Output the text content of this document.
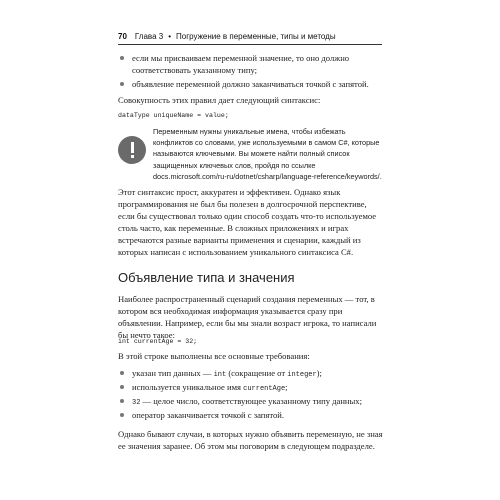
70 Глава 3 • Погружение в переменные, типы и методы
если мы присваиваем переменной значение, то оно должно соответствовать указанному типу;
объявление переменной должно заканчиваться точкой с запятой.

Совокупность этих правил дает следующий синтаксис:

dataType uniqueName = value;
Переменным нужны уникальные имена, чтобы избежать конфликтов со словами, уже используемыми в самом C#, которые называются ключевыми. Вы можете найти полный список защищенных ключевых слов, пройдя по ссылке docs.microsoft.com/ru-ru/dotnet/csharp/language-reference/keywords/.

Этот синтаксис прост, аккуратен и эффективен. Однако язык программирования не был бы полезен в долгосрочной перспективе, если бы существовал только один способ создать что-то используемое столь часто, как переменные. В сложных приложениях и играх встречаются разные варианты применения и сценарии, каждый из которых написан с использованием уникального синтаксиса C#.

Объявление типа и значения

Наиболее распространенный сценарий создания переменных — тот, в котором вся необходимая информация указывается сразу при объявлении. Например, если бы мы знали возраст игрока, то написали бы нечто такое:

int currentAge = 32;

В этой строке выполнены все основные требования:

указан тип данных — int (сокращение от integer);
используется уникальное имя currentAge;
32 — целое число, соответствующее указанному типу данных;
оператор заканчивается точкой с запятой.

Однако бывают случаи, в которых нужно объявить переменную, не зная ее значения заранее. Об этом мы поговорим в следующем подразделе.
